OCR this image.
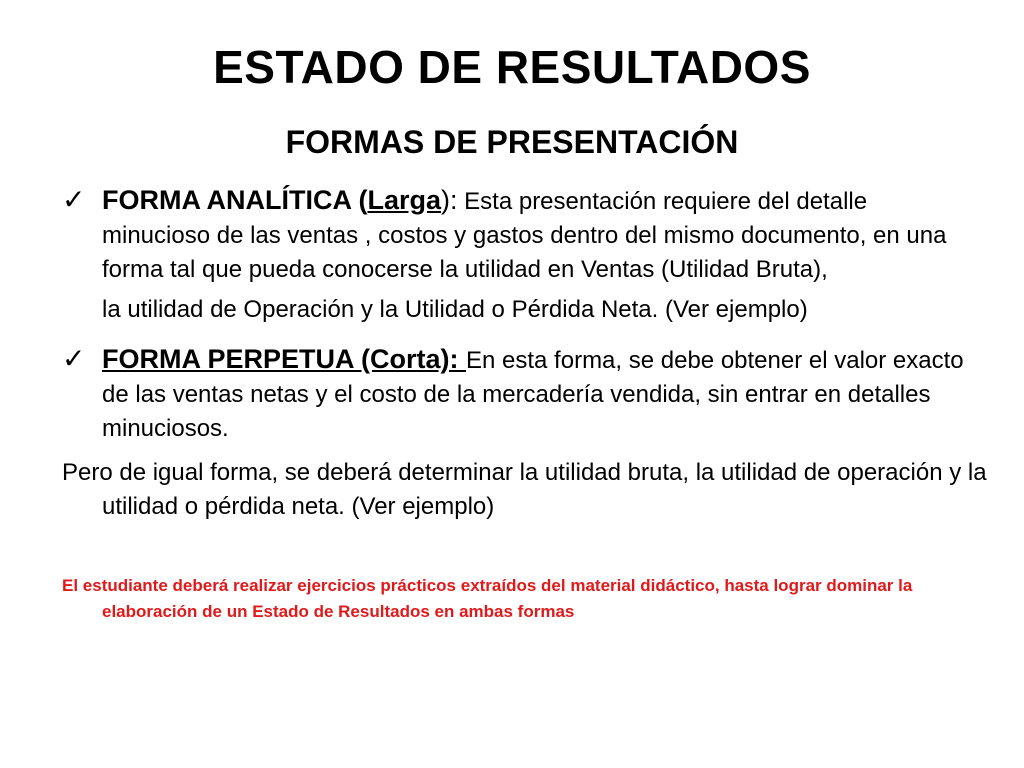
ESTADO DE RESULTADOS
FORMAS DE PRESENTACIÓN
✓ FORMA ANALÍTICA (Larga): Esta presentación requiere del detalle minucioso de las ventas , costos y gastos dentro del mismo documento, en una forma tal que pueda conocerse la utilidad en Ventas (Utilidad Bruta),
la utilidad de Operación y la Utilidad o Pérdida Neta. (Ver ejemplo)
✓ FORMA PERPETUA (Corta): En esta forma, se debe obtener el valor exacto de las ventas netas y el costo de la mercadería vendida, sin entrar en detalles minuciosos.
Pero de igual forma, se deberá determinar la utilidad bruta, la utilidad de operación y la utilidad o pérdida neta. (Ver ejemplo)
El estudiante deberá realizar ejercicios prácticos extraídos del material didáctico, hasta lograr dominar la elaboración de un Estado de Resultados en ambas formas
